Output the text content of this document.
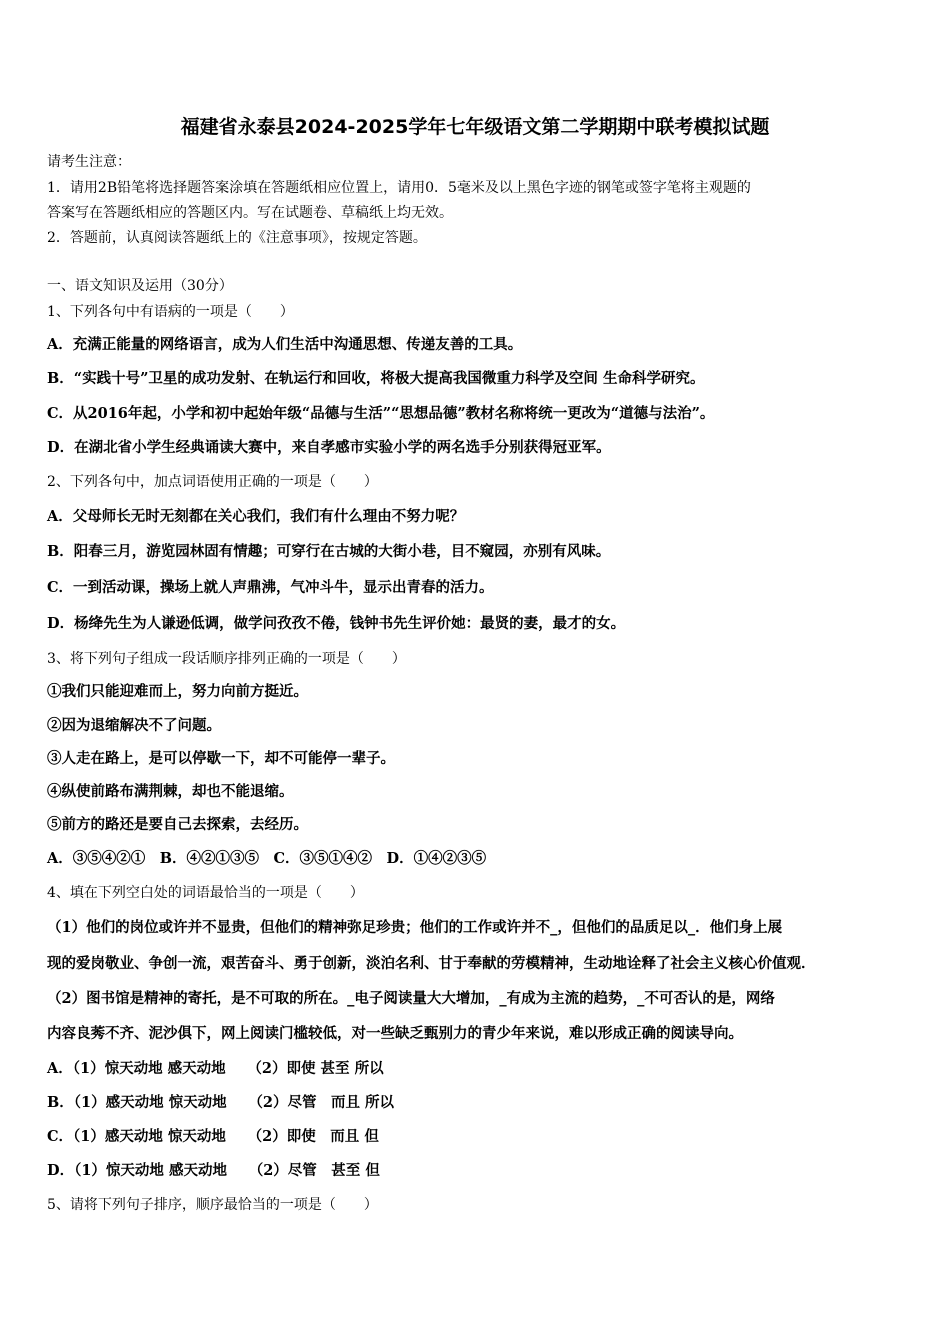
福建省永泰县2024-2025学年七年级语文第二学期期中联考模拟试题
请考生注意：
1．请用2B铅笔将选择题答案涂填在答题纸相应位置上，请用0．5毫米及以上黑色字迹的钢笔或签字笔将主观题的
答案写在答题纸相应的答题区内。写在试题卷、草稿纸上均无效。
2．答题前，认真阅读答题纸上的《注意事项》，按规定答题。
一、语文知识及运用（30分）
1、下列各句中有语病的一项是（　　）
A．充满正能量的网络语言，成为人们生活中沟通思想、传递友善的工具。
B．“实践十号”卫星的成功发射、在轨运行和回收，将极大提高我国微重力科学及空间 生命科学研究。
C．从2016年起，小学和初中起始年级“品德与生活”“思想品德”教材名称将统一更改为“道德与法治”。
D．在湖北省小学生经典诵读大赛中，来自孝感市实验小学的两名选手分别获得冠亚军。
2、下列各句中，加点词语使用正确的一项是（　　）
A．父母师长无时无刻都在关心我们，我们有什么理由不努力呢？
B．阳春三月，游览园林固有情趣；可穿行在古城的大街小巷，目不窥园，亦别有风味。
C．一到活动课，操场上就人声鼎沸，气冲斗牛，显示出青春的活力。
D．杨绛先生为人谦逊低调，做学问孜孜不倦，钱钟书先生评价她：最贤的妻，最才的女。
3、将下列句子组成一段话顺序排列正确的一项是（　　）
①我们只能迎难而上，努力向前方挺近。
②因为退缩解决不了问题。
③人走在路上，是可以停歇一下，却不可能停一辈子。
④纵使前路布满荆棘，却也不能退缩。
⑤前方的路还是要自己去探索，去经历。
A．③⑤④②①　B．④②①③⑤　C．③⑤①④②　D．①④②③⑤
4、填在下列空白处的词语最恰当的一项是（　　）
（1）他们的岗位或许并不显贵，但他们的精神弥足珍贵；他们的工作或许并不_，但他们的品质足以_．他们身上展
现的爱岗敬业、争创一流，艰苦奋斗、勇于创新，淡泊名利、甘于奉献的劳模精神，生动地诠释了社会主义核心价值观．
（2）图书馆是精神的寄托，是不可取的所在。_电子阅读量大大增加，_有成为主流的趋势，_不可否认的是，网络
内容良莠不齐、泥沙俱下，网上阅读门槛较低，对一些缺乏甄别力的青少年来说，难以形成正确的阅读导向。
A．（1）惊天动地 感天动地　　（2）即使 甚至 所以
B．（1）感天动地 惊天动地　　（2）尽管　而且 所以
C．（1）感天动地 惊天动地　　（2）即使　而且 但
D．（1）惊天动地 感天动地　　（2）尽管　甚至 但
5、请将下列句子排序，顺序最恰当的一项是（　　）
